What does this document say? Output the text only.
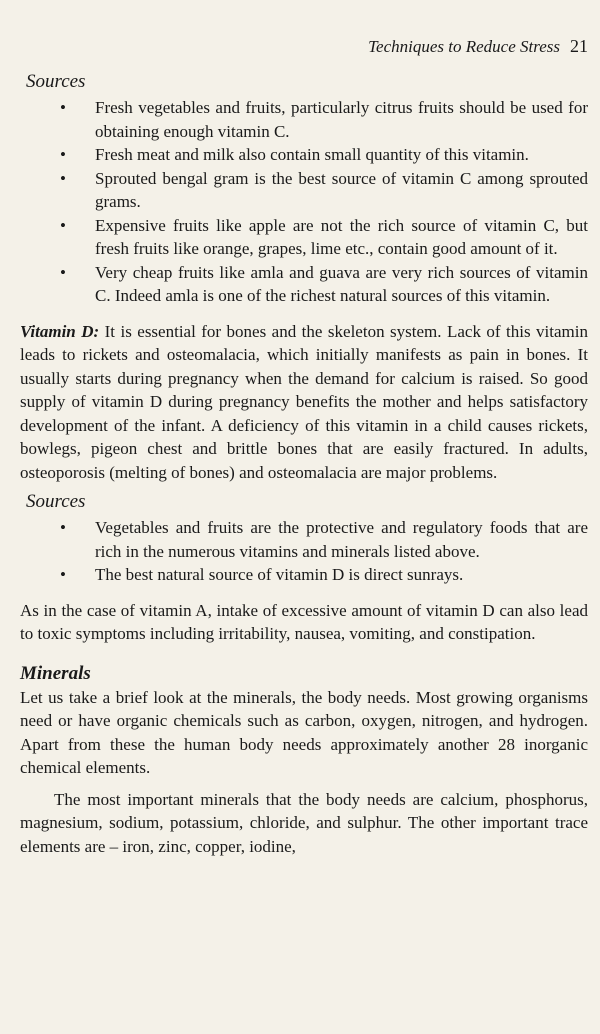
Techniques to Reduce Stress 21
Sources
• Fresh vegetables and fruits, particularly citrus fruits should be used for obtaining enough vitamin C.
• Fresh meat and milk also contain small quantity of this vitamin.
• Sprouted bengal gram is the best source of vitamin C among sprouted grams.
• Expensive fruits like apple are not the rich source of vitamin C, but fresh fruits like orange, grapes, lime etc., contain good amount of it.
• Very cheap fruits like amla and guava are very rich sources of vitamin C. Indeed amla is one of the richest natural sources of this vitamin.

Vitamin D: It is essential for bones and the skeleton system. Lack of this vitamin leads to rickets and osteomalacia, which initially manifests as pain in bones. It usually starts during pregnancy when the demand for calcium is raised. So good supply of vitamin D during pregnancy benefits the mother and helps satisfactory development of the infant. A deficiency of this vitamin in a child causes rickets, bowlegs, pigeon chest and brittle bones that are easily fractured. In adults, osteoporosis (melting of bones) and osteomalacia are major problems.

Sources
• Vegetables and fruits are the protective and regulatory foods that are rich in the numerous vitamins and minerals listed above.
• The best natural source of vitamin D is direct sunrays.

As in the case of vitamin A, intake of excessive amount of vitamin D can also lead to toxic symptoms including irritability, nausea, vomiting, and constipation.

Minerals

Let us take a brief look at the minerals, the body needs. Most growing organisms need or have organic chemicals such as carbon, oxygen, nitrogen, and hydrogen. Apart from these the human body needs approximately another 28 inorganic chemical elements.

The most important minerals that the body needs are calcium, phosphorus, magnesium, sodium, potassium, chloride, and sulphur. The other important trace elements are – iron, zinc, copper, iodine,
